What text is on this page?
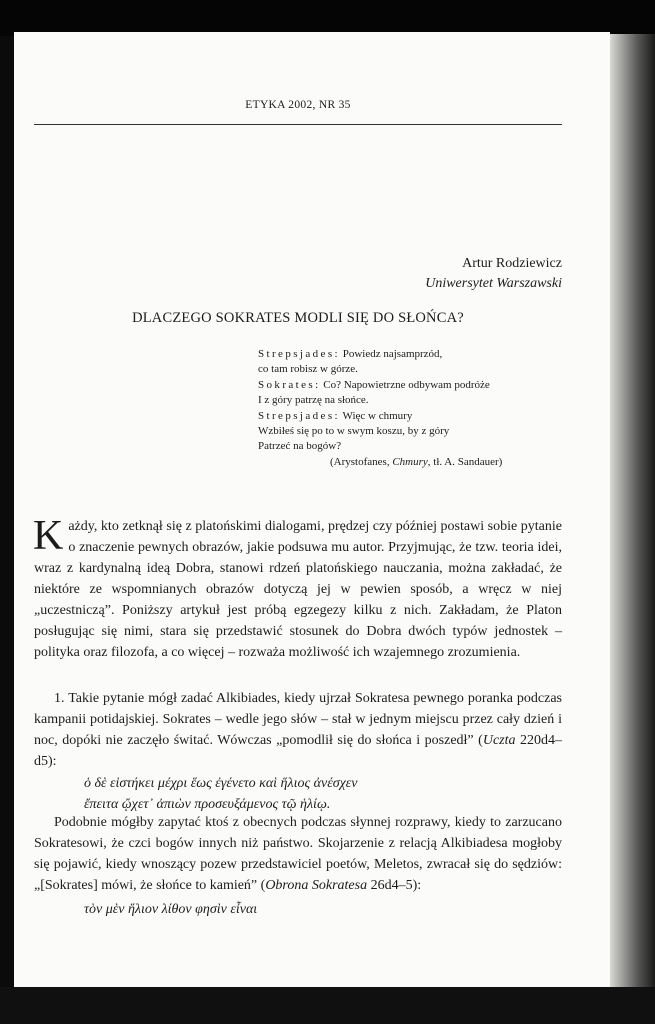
ETYKA 2002, NR 35
Artur Rodziewicz
Uniwersytet Warszawski
DLACZEGO SOKRATES MODLI SIĘ DO SŁOŃCA?
Strepsjades: Powiedz najsamprzód,
co tam robisz w górze.
Sokrates: Co? Napowietrzne odbywam podróże
I z góry patrzę na słońce.
Strepsjades: Więc w chmury
Wzbiłeś się po to w swym koszu, by z góry
Patrzeć na bogów?
(Arystofanes, Chmury, tł. A. Sandauer)
Każdy, kto zetknął się z platońskimi dialogami, prędzej czy później postawi sobie pytanie o znaczenie pewnych obrazów, jakie podsuwa mu autor. Przyjmując, że tzw. teoria idei, wraz z kardynalną ideą Dobra, stanowi rdzeń platońskiego nauczania, można zakładać, że niektóre ze wspomnianych obrazów dotyczą jej w pewien sposób, a wręcz w niej „uczestniczą”. Poniższy artykuł jest próbą egzegezy kilku z nich. Zakładam, że Platon posługując się nimi, stara się przedstawić stosunek do Dobra dwóch typów jednostek – polityka oraz filozofa, a co więcej – rozważa możliwość ich wzajemnego zrozumienia.
1. Takie pytanie mógł zadać Alkibiades, kiedy ujrzał Sokratesa pewnego poranka podczas kampanii potidajskiej. Sokrates – wedle jego słów – stał w jednym miejscu przez cały dzień i noc, dopóki nie zaczęło świtać. Wówczas „pomodlił się do słońca i poszedł” (Uczta 220d4–d5):
ὁ δὲ εἱστήκει μέχρι ἕως ἐγένετο καὶ ἥλιος ἀνέσχεν
ἔπειτα ᾤχετ᾽ ἀπιὼν προσευξάμενος τῷ ἡλίῳ.
Podobnie mógłby zapytać ktoś z obecnych podczas słynnej rozprawy, kiedy to zarzucano Sokratesowi, że czci bogów innych niż państwo. Skojarzenie z relacją Alkibiadesa mogłoby się pojawić, kiedy wnoszący pozew przedstawiciel poetów, Meletos, zwracał się do sędziów: „[Sokrates] mówi, że słońce to kamień” (Obrona Sokratesa 26d4–5):
τὸν μὲν ἥλιον λίθον φησὶν εἶναι
